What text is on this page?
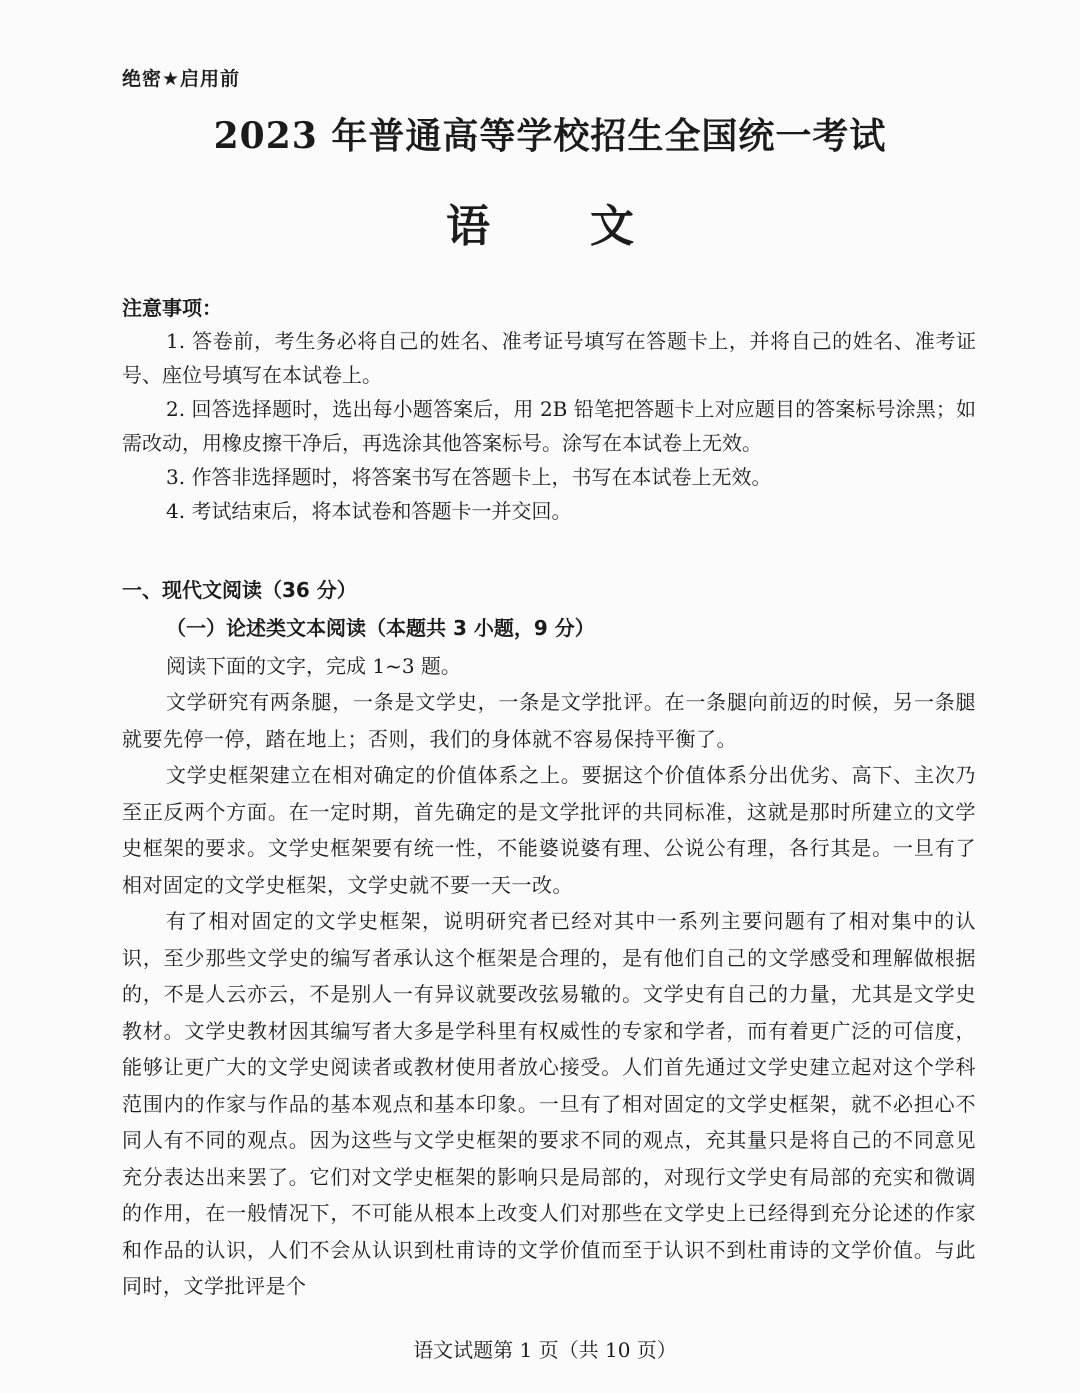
绝密★启用前
2023 年普通高等学校招生全国统一考试
语 文
注意事项：

1. 答卷前，考生务必将自己的姓名、准考证号填写在答题卡上，并将自己的姓名、准考证号、座位号填写在本试卷上。

2. 回答选择题时，选出每小题答案后，用 2B 铅笔把答题卡上对应题目的答案标号涂黑；如需改动，用橡皮擦干净后，再选涂其他答案标号。涂写在本试卷上无效。

3. 作答非选择题时，将答案书写在答题卡上，书写在本试卷上无效。

4. 考试结束后，将本试卷和答题卡一并交回。

一、现代文阅读（36 分）
（一）论述类文本阅读（本题共 3 小题，9 分）
阅读下面的文字，完成 1~3 题。

文学研究有两条腿，一条是文学史，一条是文学批评。在一条腿向前迈的时候，另一条腿就要先停一停，踏在地上；否则，我们的身体就不容易保持平衡了。

文学史框架建立在相对确定的价值体系之上。要据这个价值体系分出优劣、高下、主次乃至正反两个方面。在一定时期，首先确定的是文学批评的共同标准，这就是那时所建立的文学史框架的要求。文学史框架要有统一性，不能婆说婆有理、公说公有理，各行其是。一旦有了相对固定的文学史框架，文学史就不要一天一改。

有了相对固定的文学史框架，说明研究者已经对其中一系列主要问题有了相对集中的认识，至少那些文学史的编写者承认这个框架是合理的，是有他们自己的文学感受和理解做根据的，不是人云亦云，不是别人一有异议就要改弦易辙的。文学史有自己的力量，尤其是文学史教材。文学史教材因其编写者大多是学科里有权威性的专家和学者，而有着更广泛的可信度，能够让更广大的文学史阅读者或教材使用者放心接受。人们首先通过文学史建立起对这个学科范围内的作家与作品的基本观点和基本印象。一旦有了相对固定的文学史框架，就不必担心不同人有不同的观点。因为这些与文学史框架的要求不同的观点，充其量只是将自己的不同意见充分表达出来罢了。它们对文学史框架的影响只是局部的，对现行文学史有局部的充实和微调的作用，在一般情况下，不可能从根本上改变人们对那些在文学史上已经得到充分论述的作家和作品的认识，人们不会从认识到杜甫诗的文学价值而至于认识不到杜甫诗的文学价值。与此同时，文学批评是个

语文试题第 1 页（共 10 页）
